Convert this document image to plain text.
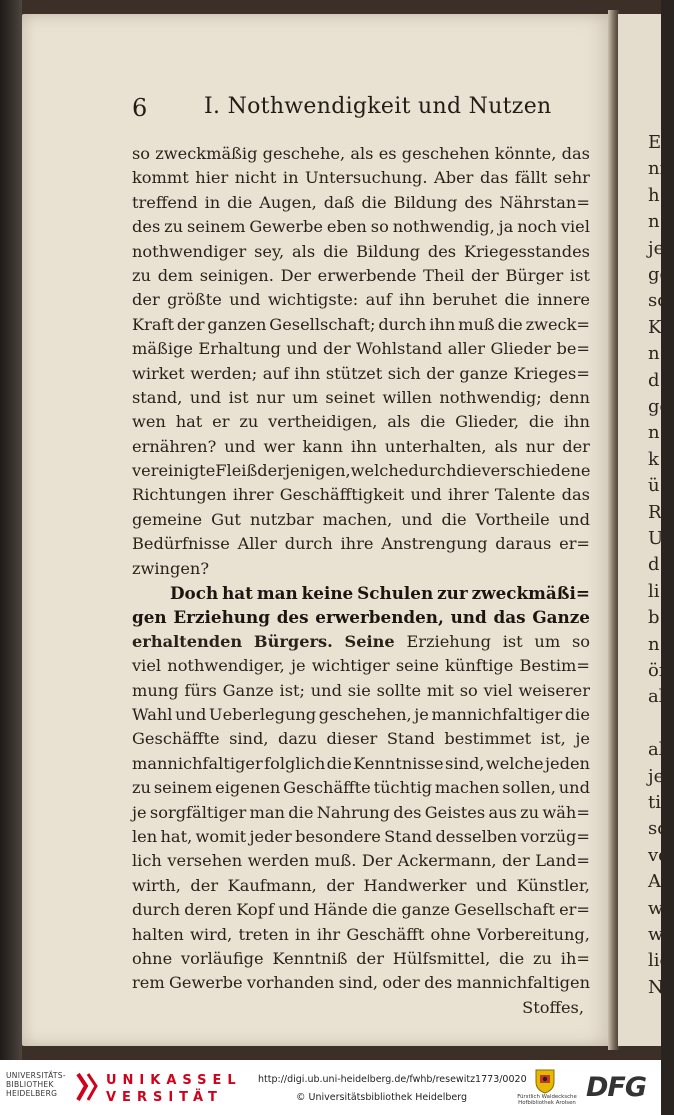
6	I. Nothwendigkeit und Nutzen
so zweckmäßig geschehe, als es geschehen könnte, das
kommt hier nicht in Untersuchung. Aber das fällt sehr
treffend in die Augen, daß die Bildung des Nährstan=
des zu seinem Gewerbe eben so nothwendig, ja noch viel
nothwendiger sey, als die Bildung des Kriegesstandes
zu dem seinigen. Der erwerbende Theil der Bürger ist
der größte und wichtigste: auf ihn beruhet die innere
Kraft der ganzen Gesellschaft; durch ihn muß die zweck=
mäßige Erhaltung und der Wohlstand aller Glieder be=
wirket werden; auf ihn stützet sich der ganze Krieges=
stand, und ist nur um seinet willen nothwendig; denn
wen hat er zu vertheidigen, als die Glieder, die ihn
ernähren? und wer kann ihn unterhalten, als nur der
vereinigte Fleiß derjenigen, welche durch die verschiedene
Richtungen ihrer Geschäfftigkeit und ihrer Talente das
gemeine Gut nutzbar machen, und die Vortheile und
Bedürfnisse Aller durch ihre Anstrengung daraus er=
zwingen?
Doch hat man keine Schulen zur zweckmäßi=
gen Erziehung des erwerbenden, und das Ganze
erhaltenden Bürgers. Seine Erziehung ist um so
viel nothwendiger, je wichtiger seine künftige Bestim=
mung fürs Ganze ist; und sie sollte mit so viel weiserer
Wahl und Ueberlegung geschehen, je mannichfaltiger die
Geschäffte sind, dazu dieser Stand bestimmet ist, je
mannichfaltiger folglich die Kenntnisse sind, welche jeden
zu seinem eigenen Geschäffte tüchtig machen sollen, und
je sorgfältiger man die Nahrung des Geistes aus zu wäh=
len hat, womit jeder besondere Stand desselben vorzüg=
lich versehen werden muß. Der Ackermann, der Land=
wirth, der Kaufmann, der Handwerker und Künstler,
durch deren Kopf und Hände die ganze Gesellschaft er=
halten wird, treten in ihr Geschäfft ohne Vorbereitung,
ohne vorläufige Kenntniß der Hülfsmittel, die zu ih=
rem Gewerbe vorhanden sind, oder des mannichfaltigen
Stoffes,
E
ni
h
n
je
ge
sc
K
n
d
ge
n
k
ü
R
U
d
li
b
n
öf
all
all
jet
ti
sc
ve
Ar
we
we
lic
N
UNIVERSITÄTS-
BIBLIOTHEK
HEIDELBERG
UNIKASSEL
VERSITÄT
http://digi.ub.uni-heidelberg.de/fwhb/resewitz1773/0020
© Universitätsbibliothek Heidelberg	Fürstlich Waldecksche
Hofbibliothek Arolsen
DFG
